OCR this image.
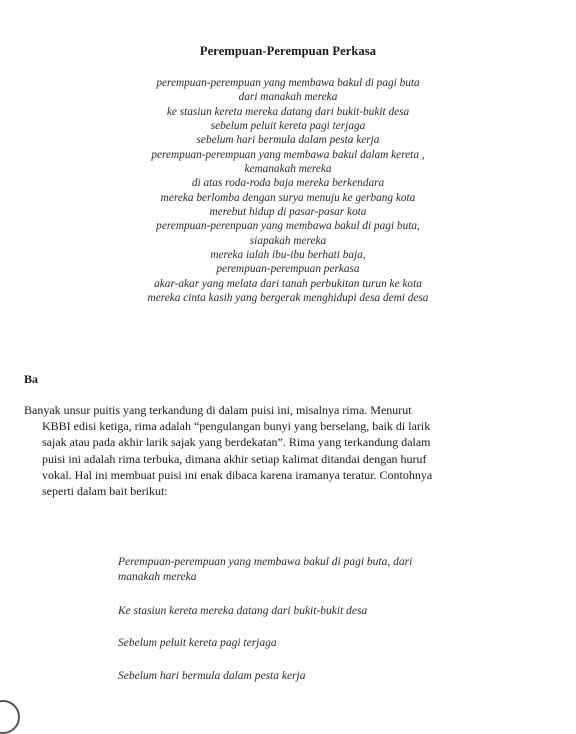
Perempuan-Perempuan Perkasa
perempuan-perempuan yang membawa bakul di pagi buta
dari manakah mereka
ke stasiun kereta mereka datang dari bukit-bukit desa
sebelum peluit kereta pagi terjaga
sebelum hari bermula dalam pesta kerja
perempuan-perempuan yang membawa bakul dalam kereta ,
kemanakah mereka
di atas roda-roda baja mereka berkendara
mereka berlomba dengan surya menuju ke gerbang kota
merebut hidup di pasar-pasar kota
perempuan-perenpuan yang membawa bakul di pagi buta,
siapakah mereka
mereka ialah ibu-ibu berhati baja,
perempuan-perempuan perkasa
akar-akar yang melata dari tanah perbukitan turun ke kota
mereka cinta kasih yang bergerak menghidupi desa demi desa
Ba
Banyak unsur puitis yang terkandung di dalam puisi ini, misalnya rima. Menurut
KBBI edisi ketiga, rima adalah “pengulangan bunyi yang berselang, baik di larik
sajak atau pada akhir larik sajak yang berdekatan”. Rima yang terkandung dalam
puisi ini adalah rima terbuka, dimana akhir setiap kalimat ditandai dengan huruf
vokal. Hal ini membuat puisi ini enak dibaca karena iramanya teratur. Contohnya
seperti dalam bait berikut:
Perempuan-perempuan yang membawa bakul di pagi buta, dari
manakah mereka
Ke stasiun kereta mereka datang dari bukit-bukit desa
Sebelum peluit kereta pagi terjaga
Sebelum hari bermula dalam pesta kerja
